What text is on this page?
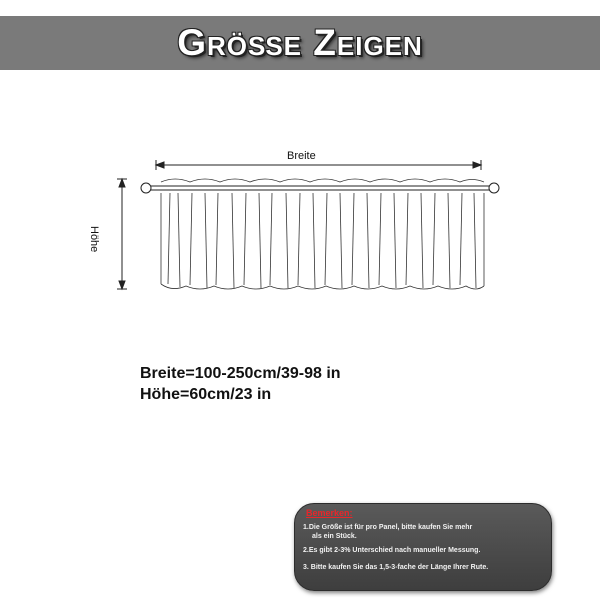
Größe Zeigen
Breite
Höhe
Breite=100-250cm/39-98 in
Höhe=60cm/23 in
Bemerken:
1.Die Größe ist für pro Panel, bitte kaufen Sie mehr
als ein Stück.
2.Es gibt 2-3% Unterschied nach manueller Messung.
3. Bitte kaufen Sie das 1,5-3-fache der Länge Ihrer Rute.
